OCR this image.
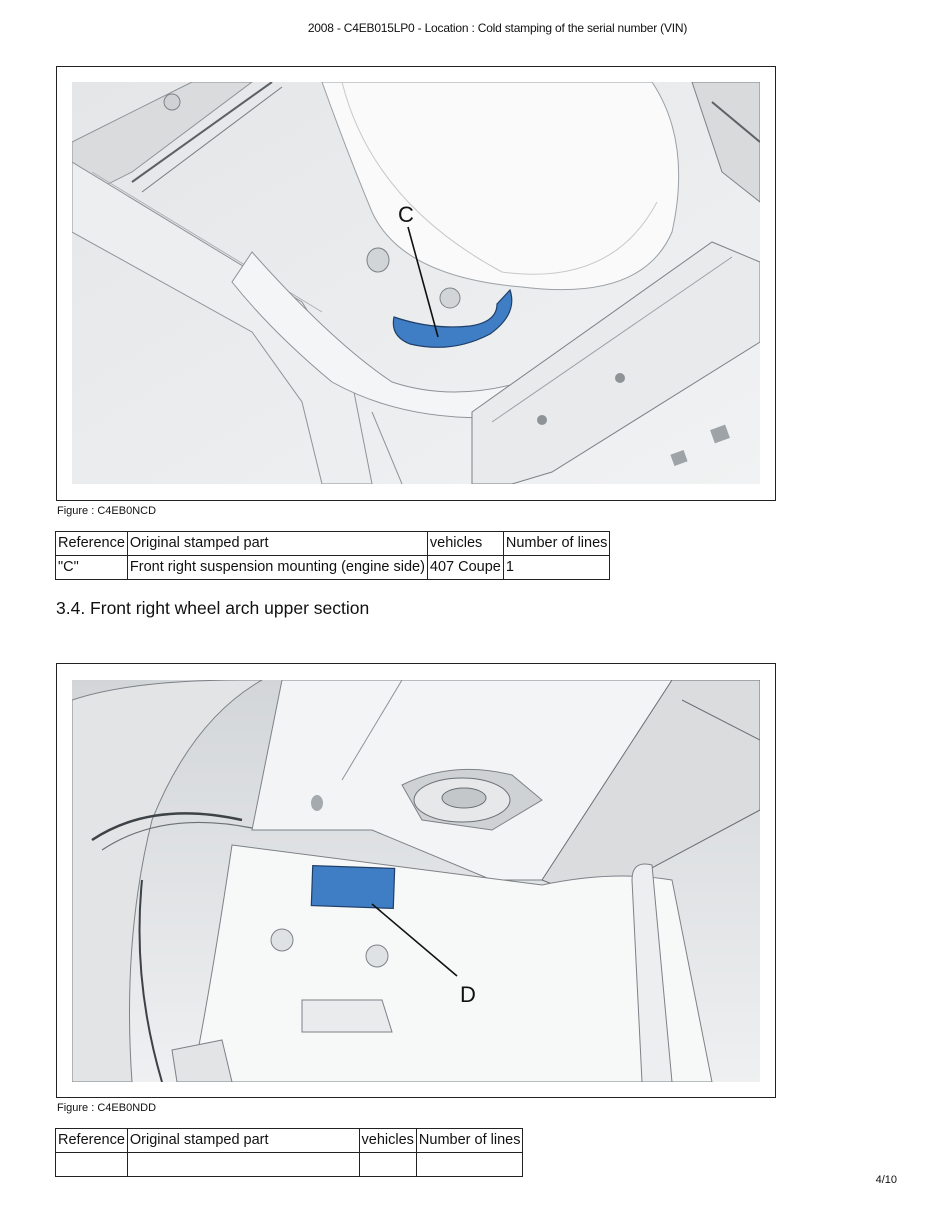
2008 - C4EB015LP0 - Location : Cold stamping of the serial number (VIN)
C
Figure : C4EB0NCD
Reference	Original stamped part	vehicles	Number of lines
"C"	Front right suspension mounting (engine side)	407 Coupe	1
3.4. Front right wheel arch upper section
D
Figure : C4EB0NDD
Reference	Original stamped part	vehicles	Number of lines

4/10
